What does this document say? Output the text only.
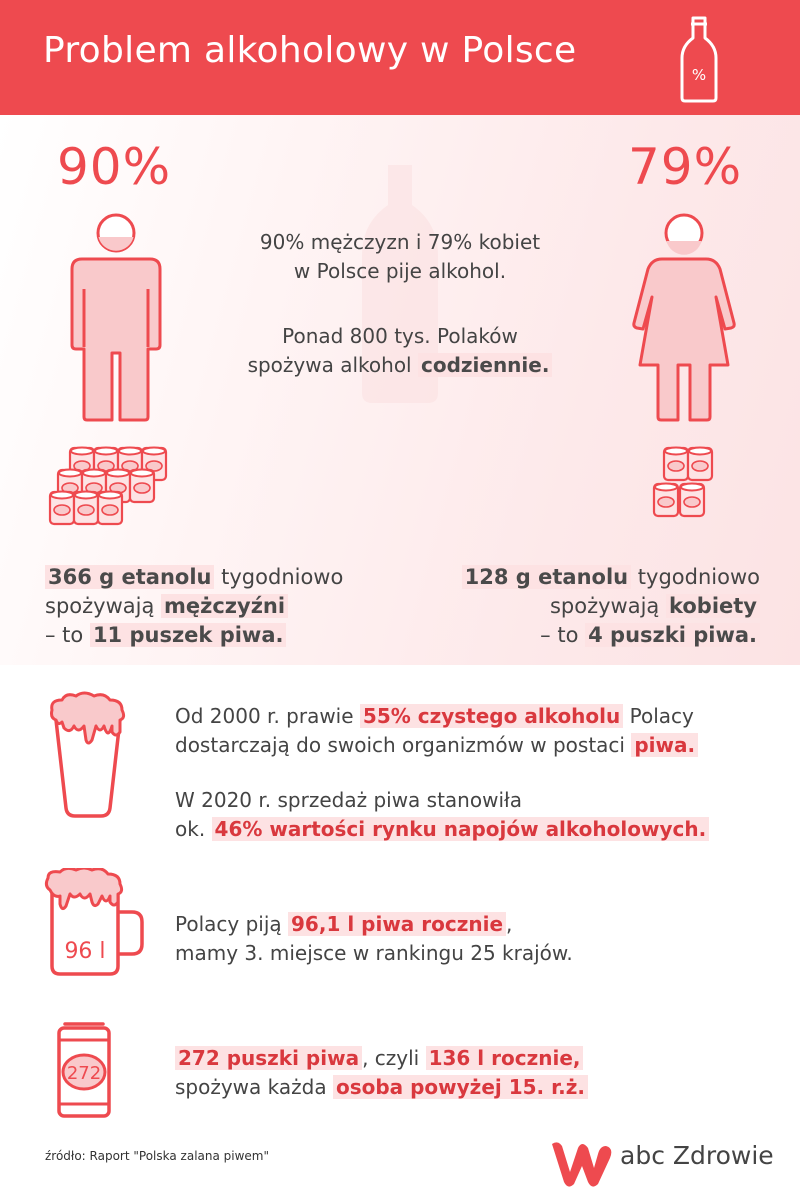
Problem alkoholowy w Polsce
%
90%	79%
90% mężczyzn i 79% kobiet
w Polsce pije alkohol.
Ponad 800 tys. Polaków
spożywa alkohol codziennie.
366 g etanolu tygodniowo
spożywają mężczyźni
– to 11 puszek piwa.
128 g etanolu tygodniowo
spożywają kobiety
– to 4 puszki piwa.
Od 2000 r. prawie 55% czystego alkoholu Polacy
dostarczają do swoich organizmów w postaci piwa.
W 2020 r. sprzedaż piwa stanowiła
ok. 46% wartości rynku napojów alkoholowych.
96 l
Polacy piją 96,1 l piwa rocznie ,
mamy 3. miejsce w rankingu 25 krajów.
272
272 puszki piwa , czyli 136 l rocznie,
spożywa każda osoba powyżej 15. r.ż.
źródło: Raport "Polska zalana piwem"	abc Zdrowie
